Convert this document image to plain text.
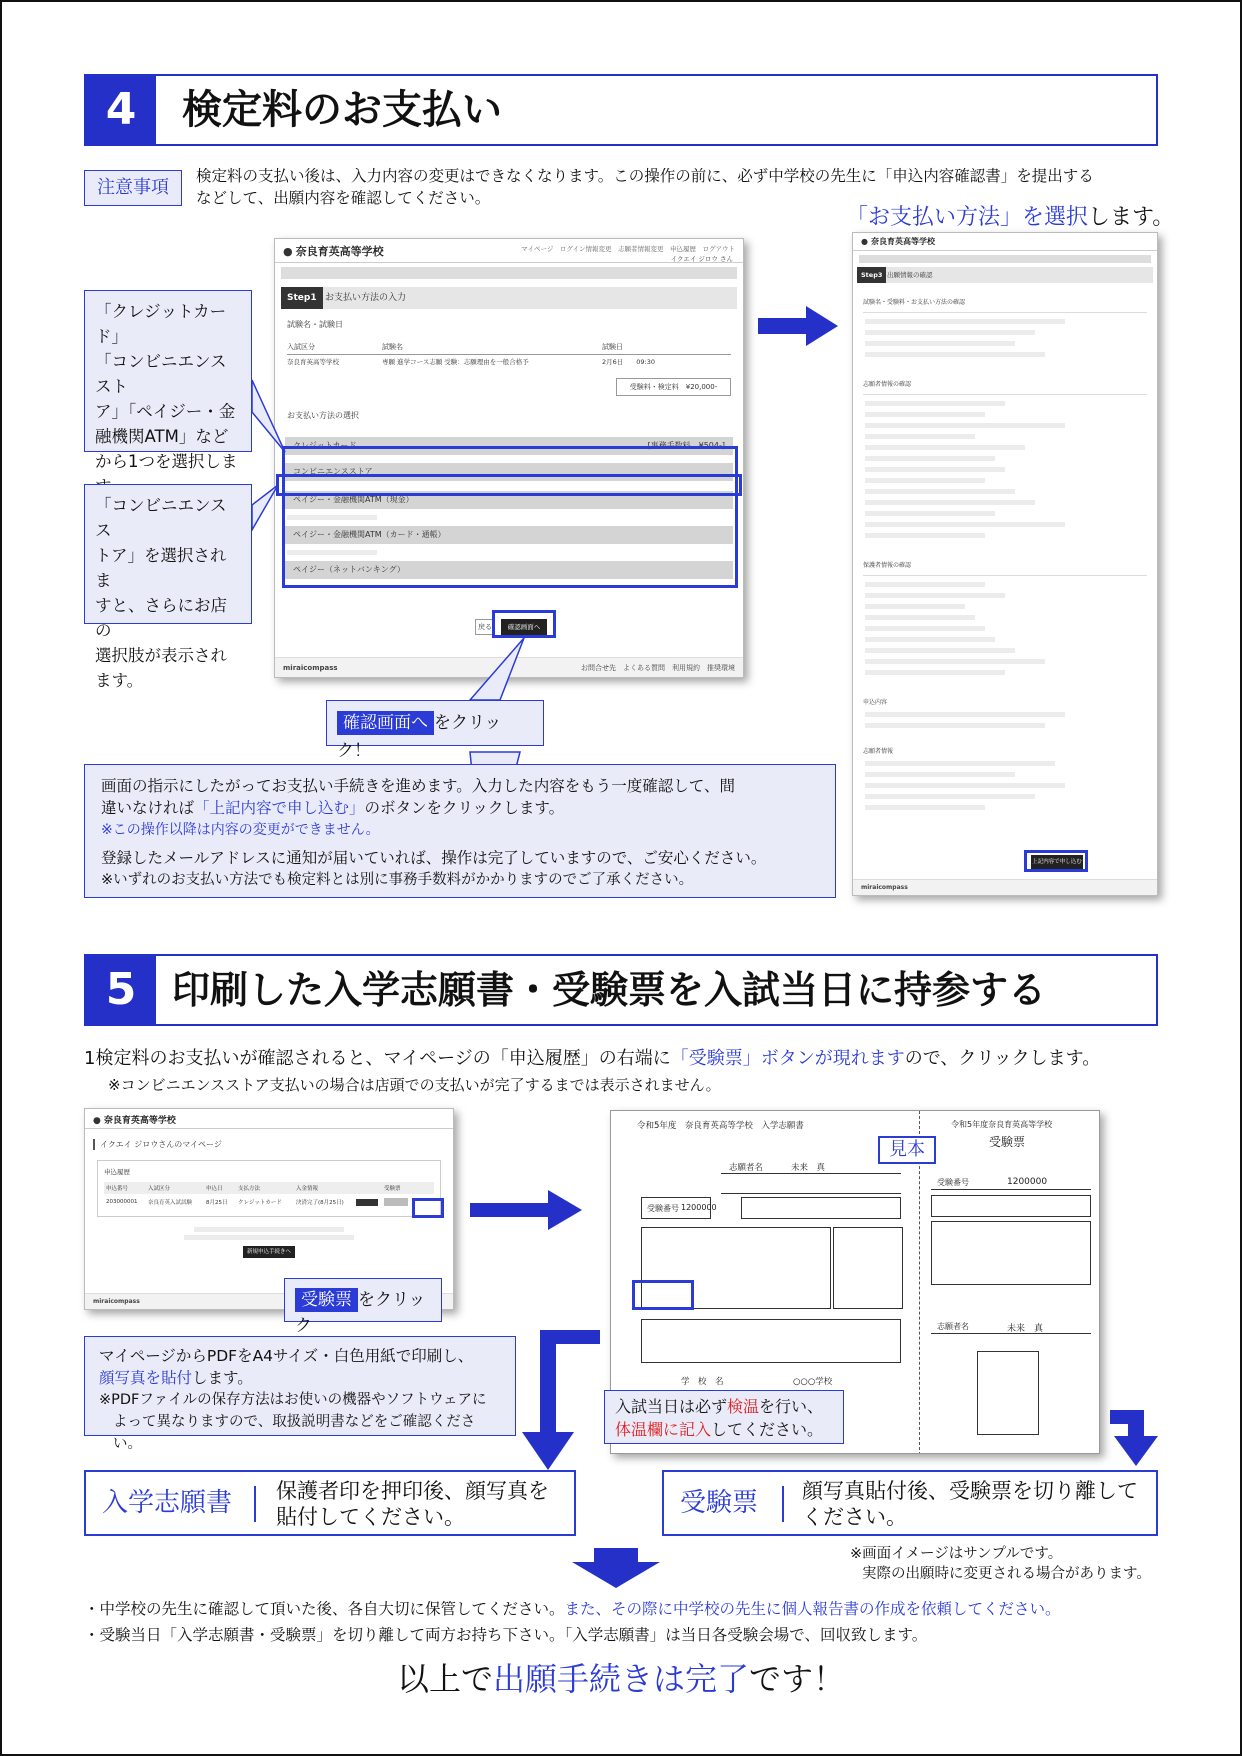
4	検定料のお支払い
注意事項
検定料の支払い後は、入力内容の変更はできなくなります。この操作の前に、必ず中学校の先生に「申込内容確認書」を提出する
などして、出願内容を確認してください。
「お支払い方法」を選択します。
● 奈良育英高等学校	マイページ　ログイン情報変更　志願者情報変更　申込履歴　ログアウト
イクエイ ジロウ さん
Step1 お支払い方法の入力
試験名・試験日
入試区分	試験名	試験日
奈良育英高等学校	専願 進学コース志願 受験：志願理由を一般合格予	2月6日　　09:30
受験料・検定料　¥20,000-
お支払い方法の選択
クレジットカード	[事務手数料　¥504-]
コンビニエンスストア
ペイジー・金融機関ATM（現金）
ペイジー・金融機関ATM（カード・通帳）
ペイジー（ネットバンキング）
戻る	確認画面へ
miraicompass	お問合せ先　よくある質問　利用規約　推奨環境
「クレジットカード」
「コンビニエンススト
ア」「ペイジー・金
融機関ATM」など
から1つを選択しま
「コンビニエンスス
トア」を選択されま
すと、さらにお店の
選択肢が表示され
ます。
確認画面へ をクリック！
● 奈良育英高等学校
Step3 出願情報の確認
試験名・受験料・お支払い方法の確認
志願者情報の確認
保護者情報の確認
申込内容
志願者情報
上記内容で申し込む
miraicompass
画面の指示にしたがってお支払い手続きを進めます。入力した内容をもう一度確認して、間
違いなければ「上記内容で申し込む」のボタンをクリックします。
※この操作以降は内容の変更ができません。
登録したメールアドレスに通知が届いていれば、操作は完了していますので、ご安心ください。
※いずれのお支払い方法でも検定料とは別に事務手数料がかかりますのでご了承ください。
5 印刷した入学志願書・受験票を入試当日に持参する
1検定料のお支払いが確認されると、マイページの「申込履歴」の右端に「受験票」ボタンが現れますので、クリックします。
※コンビニエンスストア支払いの場合は店頭での支払いが完了するまでは表示されません。
● 奈良育英高等学校
イクエイ ジロウさんのマイページ
申込履歴
申込番号	入試区分	申込日	支払方法	入金情報	受験票
203000001	奈良育英入試試験	8月25日	クレジットカード	決済完了(8月25日)
新規申込手続きへ
miraicompass	受験票 をクリック
マイページからPDFをA4サイズ・白色用紙で印刷し、
顔写真を貼付します。
※PDFファイルの保存方法はお使いの機器やソフトウェアに
よって異なりますので、取扱説明書などをご確認ください。
令和5年度　奈良育英高等学校　入学志願書	令和5年度奈良育英高等学校
受験票
志願者名	未来　真
受験番号 1200000
学　校　名	○○○学校
受験番号	1200000
志願者名	未来　真
見本
入試当日は必ず検温を行い、
体温欄に記入してください。
入学志願書 保護者印を押印後、顔写真を
貼付してください。	受験票 顔写真貼付後、受験票を切り離して
ください。
※画面イメージはサンプルです。
実際の出願時に変更される場合があります。
・中学校の先生に確認して頂いた後、各自大切に保管してください。また、その際に中学校の先生に個人報告書の作成を依頼してください。
・受験当日「入学志願書・受験票」を切り離して両方お持ち下さい。「入学志願書」は当日各受験会場で、回収致します。
以上で出願手続きは完了です！
